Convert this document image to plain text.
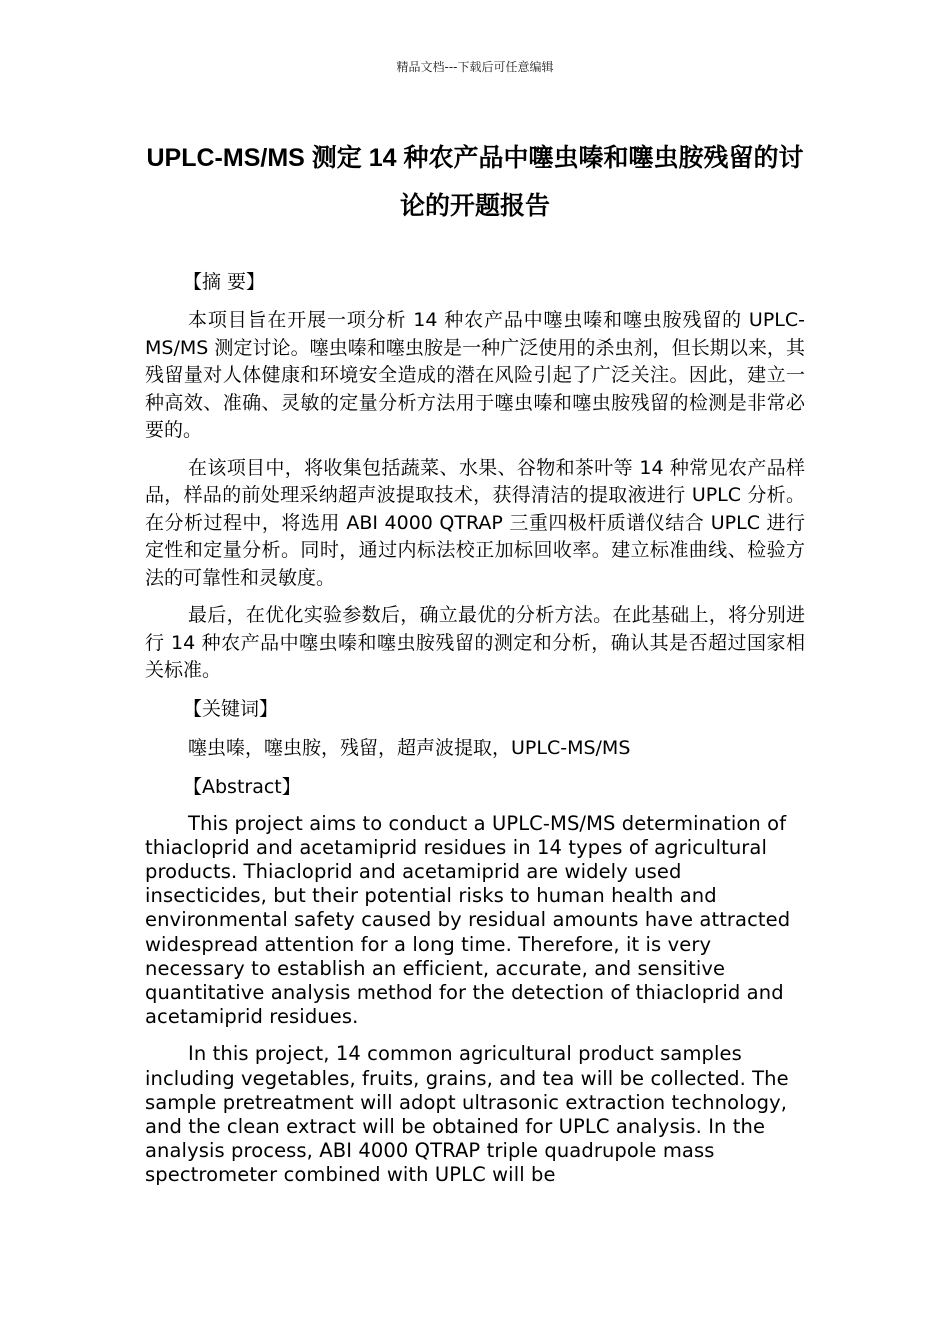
精品文档---下载后可任意编辑
UPLC-MS/MS 测定 14 种农产品中噻虫嗪和噻虫胺残留的讨论的开题报告
【摘 要】

本项目旨在开展一项分析 14 种农产品中噻虫嗪和噻虫胺残留的 UPLC-MS/MS 测定讨论。噻虫嗪和噻虫胺是一种广泛使用的杀虫剂，但长期以来，其残留量对人体健康和环境安全造成的潜在风险引起了广泛关注。因此，建立一种高效、准确、灵敏的定量分析方法用于噻虫嗪和噻虫胺残留的检测是非常必要的。

在该项目中，将收集包括蔬菜、水果、谷物和茶叶等 14 种常见农产品样品，样品的前处理采纳超声波提取技术，获得清洁的提取液进行 UPLC 分析。在分析过程中，将选用 ABI 4000 QTRAP 三重四极杆质谱仪结合 UPLC 进行定性和定量分析。同时，通过内标法校正加标回收率。建立标准曲线、检验方法的可靠性和灵敏度。

最后，在优化实验参数后，确立最优的分析方法。在此基础上，将分别进行 14 种农产品中噻虫嗪和噻虫胺残留的测定和分析，确认其是否超过国家相关标准。

【关键词】
噻虫嗪，噻虫胺，残留，超声波提取，UPLC-MS/MS
【Abstract】

This project aims to conduct a UPLC-MS/MS determination of thiacloprid and acetamiprid residues in 14 types of agricultural products. Thiacloprid and acetamiprid are widely used insecticides, but their potential risks to human health and environmental safety caused by residual amounts have attracted widespread attention for a long time. Therefore, it is very necessary to establish an efficient, accurate, and sensitive quantitative analysis method for the detection of thiacloprid and acetamiprid residues.

In this project, 14 common agricultural product samples including vegetables, fruits, grains, and tea will be collected. The sample pretreatment will adopt ultrasonic extraction technology, and the clean extract will be obtained for UPLC analysis. In the analysis process, ABI 4000 QTRAP triple quadrupole mass spectrometer combined with UPLC will be
